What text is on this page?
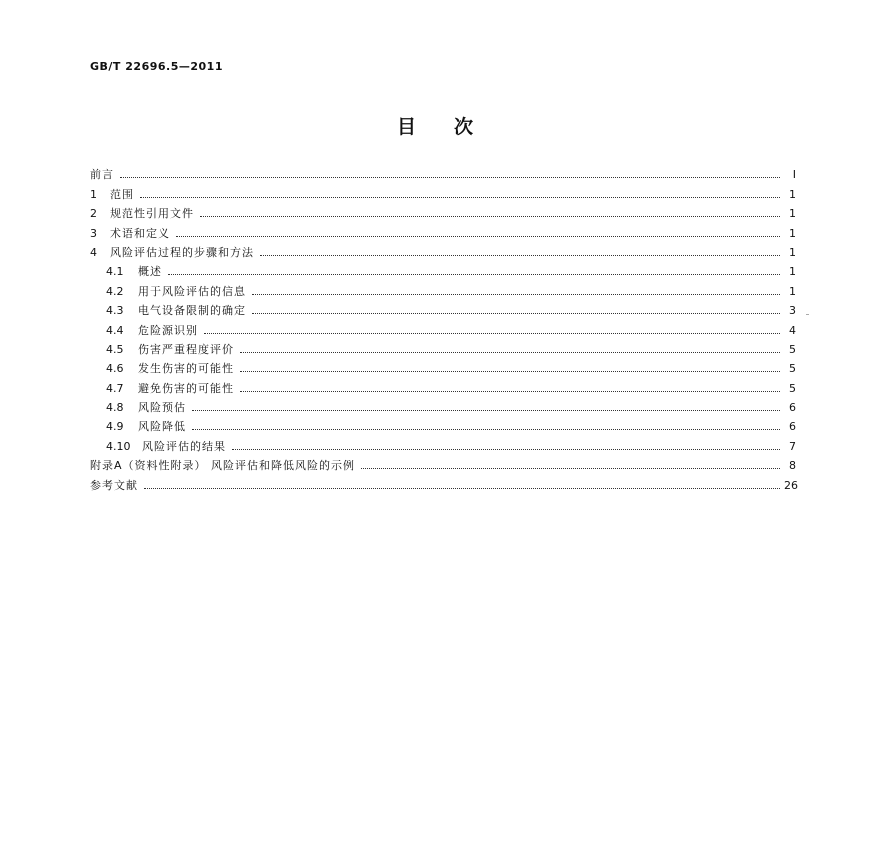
GB/T 22696.5—2011
目次
前言	I
1	范围	1
2	规范性引用文件	1
3	术语和定义	1
4	风险评估过程的步骤和方法	1
4.1	概述	1
4.2	用于风险评估的信息	1
4.3	电气设备限制的确定	3
4.4	危险源识别	4
4.5	伤害严重程度评价	5
4.6	发生伤害的可能性	5
4.7	避免伤害的可能性	5
4.8	风险预估	6
4.9	风险降低	6
4.10	风险评估的结果	7
附录A（资料性附录） 风险评估和降低风险的示例	8
参考文献	26
